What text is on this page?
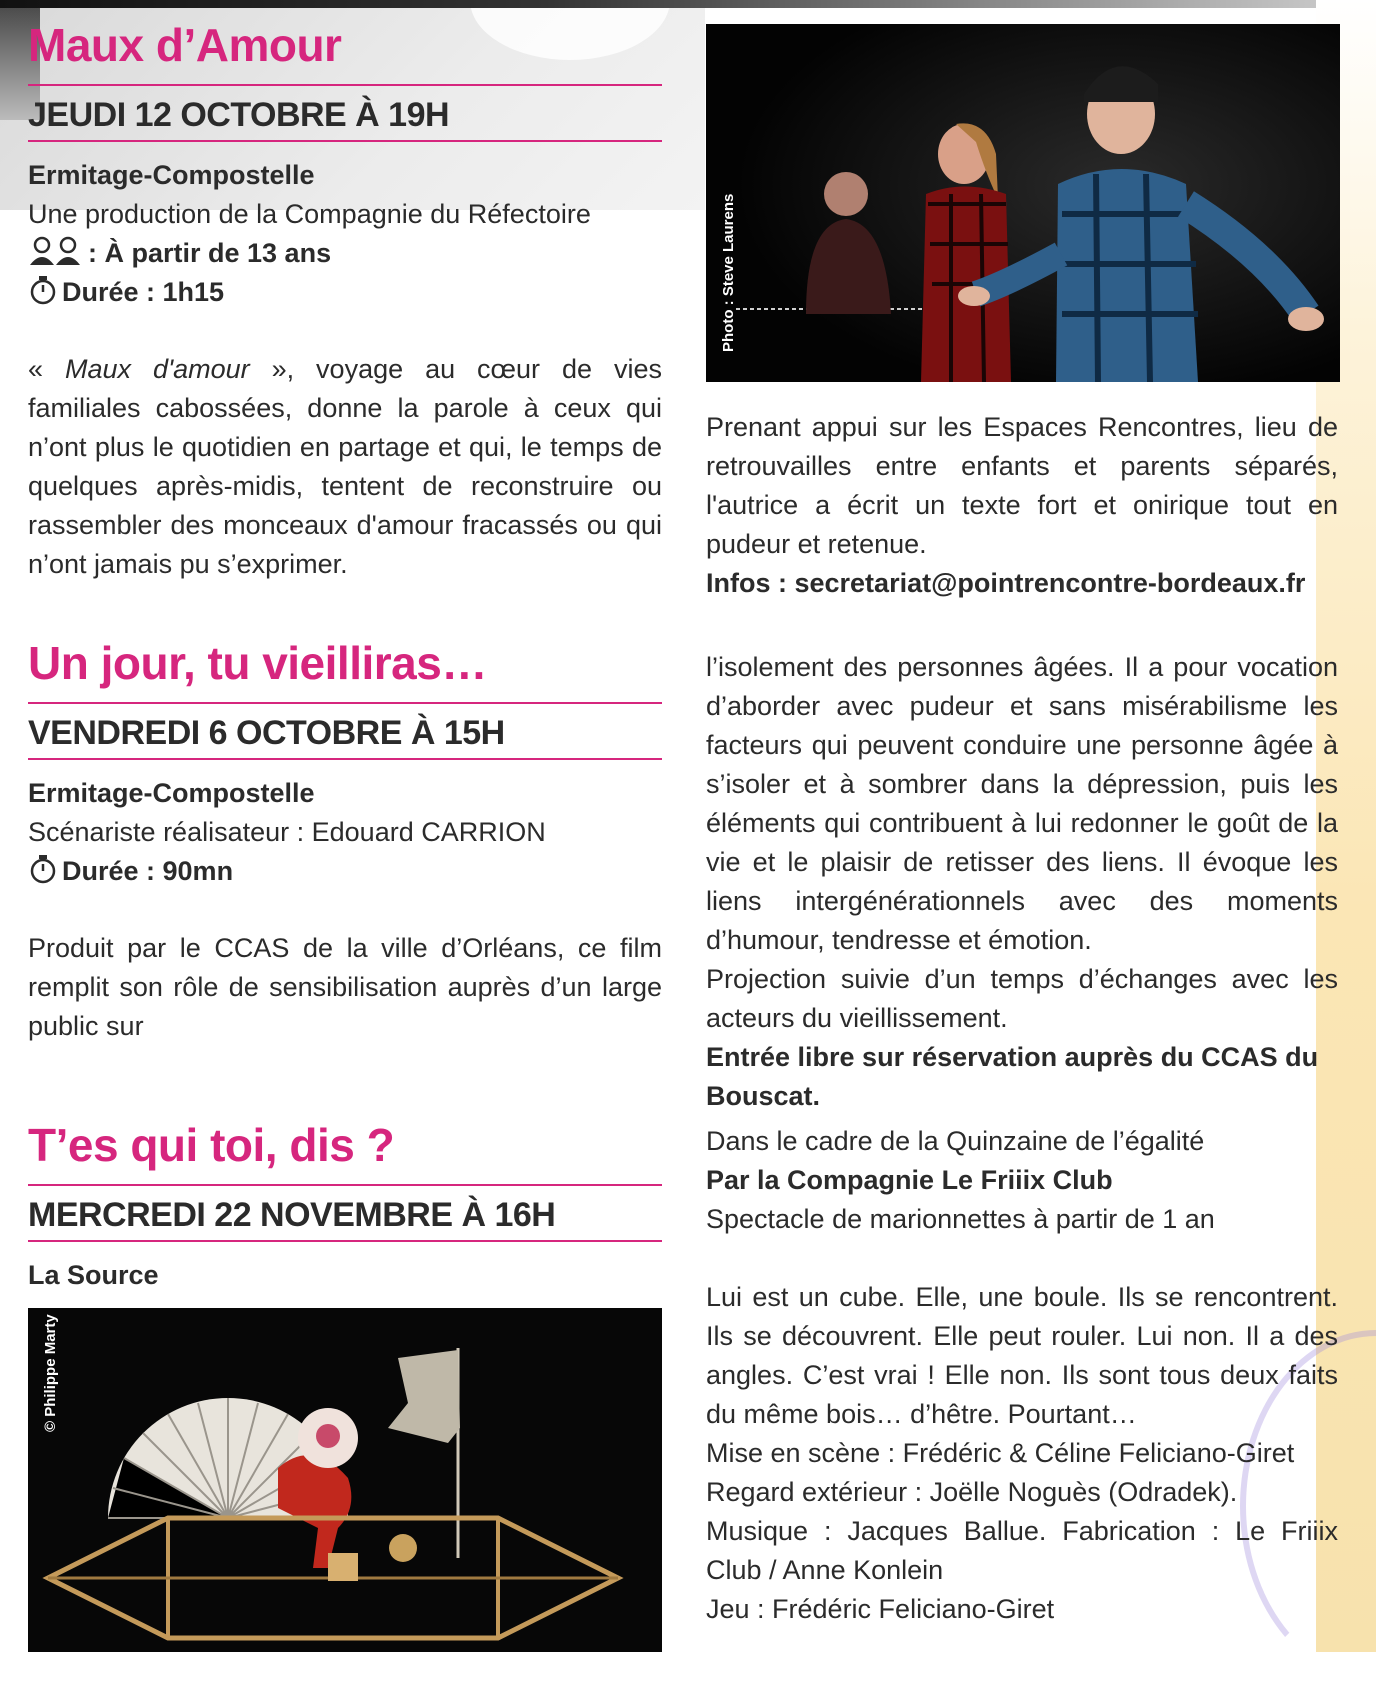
Maux d’Amour
JEUDI 12 OCTOBRE À 19H
Ermitage-Compostelle
Une production de la Compagnie du Réfectoire
: À partir de 13 ans
Durée : 1h15

« Maux d'amour », voyage au cœur de vies familiales cabossées, donne la parole à ceux qui n’ont plus le quotidien en partage et qui, le temps de quelques après-midis, tentent de reconstruire ou rassembler des monceaux d'amour fracassés ou qui n’ont jamais pu s’exprimer.

Photo : Steve Laurens

Prenant appui sur les Espaces Rencontres, lieu de retrouvailles entre enfants et parents séparés, l'autrice a écrit un texte fort et onirique tout en pudeur et retenue.

Infos : secretariat@pointrencontre-bordeaux.fr
Un jour, tu vieilliras…
VENDREDI 6 OCTOBRE À 15H
Ermitage-Compostelle
Scénariste réalisateur : Edouard CARRION
Durée : 90mn

Produit par le CCAS de la ville d’Orléans, ce film remplit son rôle de sensibilisation auprès d’un large public sur

l’isolement des personnes âgées. Il a pour vocation d’aborder avec pudeur et sans misérabilisme les facteurs qui peuvent conduire une personne âgée à s’isoler et à sombrer dans la dépression, puis les éléments qui contribuent à lui redonner le goût de la vie et le plaisir de retisser des liens. Il évoque les liens intergénérationnels avec des moments d’humour, tendresse et émotion.

Projection suivie d’un temps d’échanges avec les acteurs du vieillissement.

Entrée libre sur réservation auprès du CCAS du Bouscat.
T’es qui toi, dis ?
MERCREDI 22 NOVEMBRE À 16H
La Source
© Philippe Marty
Dans le cadre de la Quinzaine de l’égalité
Par la Compagnie Le Friiix Club
Spectacle de marionnettes à partir de 1 an

Lui est un cube. Elle, une boule. Ils se rencontrent. Ils se découvrent. Elle peut rouler. Lui non. Il a des angles. C’est vrai ! Elle non. Ils sont tous deux faits du même bois… d’hêtre. Pourtant…

Mise en scène : Frédéric & Céline Feliciano-Giret
Regard extérieur : Joëlle Noguès (Odradek).

Musique : Jacques Ballue. Fabrication : Le Friiix Club / Anne Konlein

Jeu : Frédéric Feliciano-Giret
